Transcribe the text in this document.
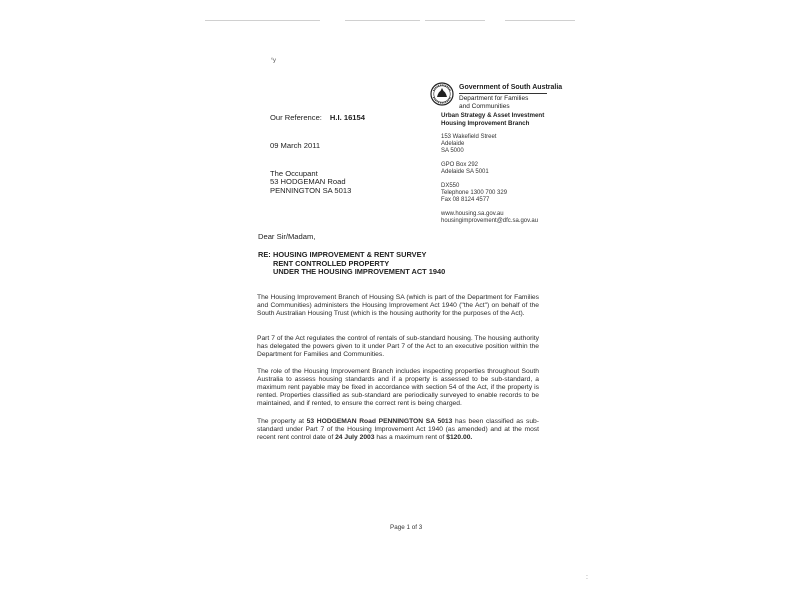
‘ʸ
Government of South Australia
Department for Families
and Communities
Urban Strategy & Asset Investment
Housing Improvement Branch
153 Wakefield Street
Adelaide
SA 5000
GPO Box 292
Adelaide SA 5001
DX550
Telephone 1300 700 329
Fax 08 8124 4577
www.housing.sa.gov.au
housingimprovement@dfc.sa.gov.au
Our Reference: H.I. 16154
09 March 2011
The Occupant
53 HODGEMAN Road
PENNINGTON SA 5013
Dear Sir/Madam,
RE: HOUSING IMPROVEMENT & RENT SURVEY
RENT CONTROLLED PROPERTY
UNDER THE HOUSING IMPROVEMENT ACT 1940
The Housing Improvement Branch of Housing SA (which is part of the Department for Families and Communities) administers the Housing Improvement Act 1940 ("the Act") on behalf of the South Australian Housing Trust (which is the housing authority for the purposes of the Act).
Part 7 of the Act regulates the control of rentals of sub-standard housing. The housing authority has delegated the powers given to it under Part 7 of the Act to an executive position within the Department for Families and Communities.
The role of the Housing Improvement Branch includes inspecting properties throughout South Australia to assess housing standards and if a property is assessed to be sub-standard, a maximum rent payable may be fixed in accordance with section 54 of the Act, if the property is rented. Properties classified as sub-standard are periodically surveyed to enable records to be maintained, and if rented, to ensure the correct rent is being charged.
The property at 53 HODGEMAN Road PENNINGTON SA 5013 has been classified as sub-standard under Part 7 of the Housing Improvement Act 1940 (as amended) and at the most recent rent control date of 24 July 2003 has a maximum rent of $120.00.
Page 1 of 3
:
